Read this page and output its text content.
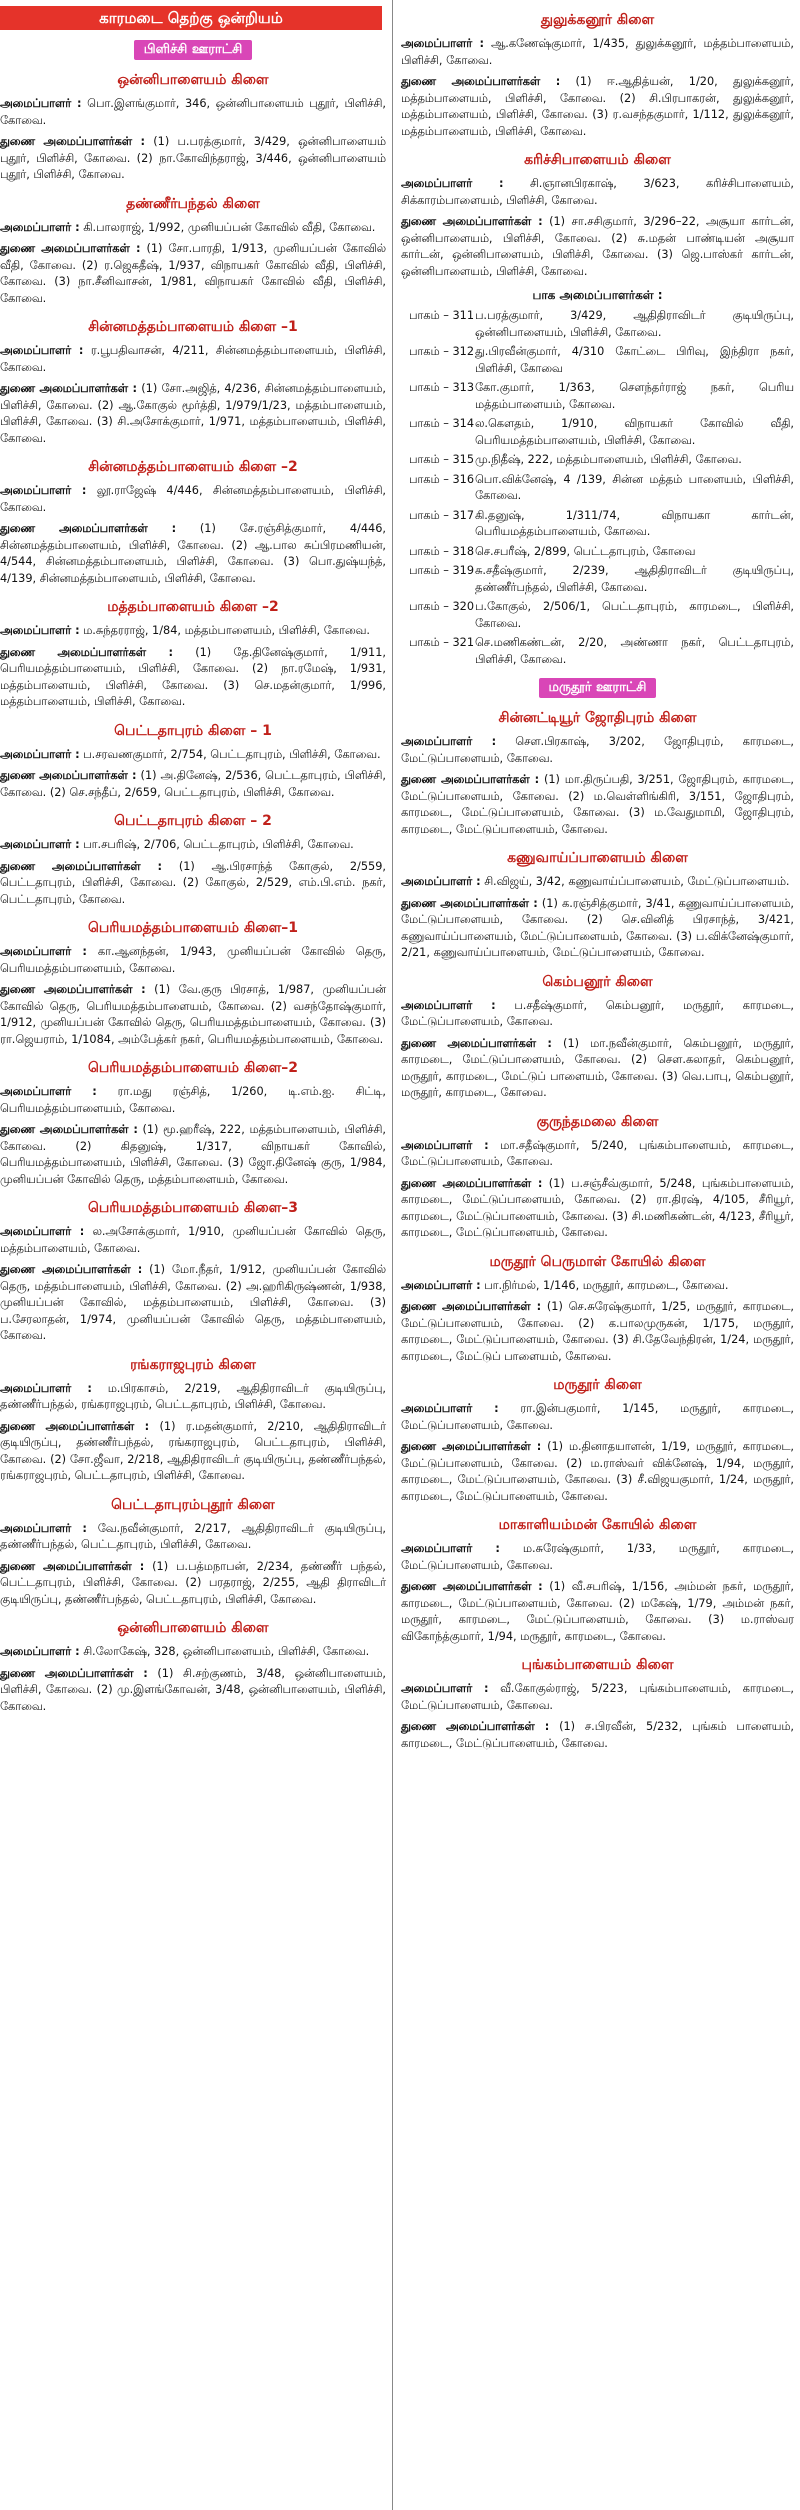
காரமடை தெற்கு ஒன்றியம்
பிளிச்சி ஊராட்சி
ஒன்னிபாளையம் கிளை

அமைப்பாளர் : பொ.இளங்குமார், 346, ஒன்னிபாளையம் புதூர், பிளிச்சி, கோவை.

துணை அமைப்பாளர்கள் : (1) ப.பரத்குமார், 3/429, ஒன்னிபாளையம் புதூர், பிளிச்சி, கோவை. (2) நா.கோவிந்தராஜ், 3/446, ஒன்னிபாளையம் புதூர், பிளிச்சி, கோவை.

தண்ணீர்பந்தல் கிளை

அமைப்பாளர் : கி.பாலராஜ், 1/992, முனியப்பன் கோவில் வீதி, கோவை.

துணை அமைப்பாளர்கள் : (1) சோ.பாரதி, 1/913, முனியப்பன் கோவில் வீதி, கோவை. (2) ர.ஜெகதீஷ், 1/937, விநாயகர் கோவில் வீதி, பிளிச்சி, கோவை. (3) நா.சீனிவாசன், 1/981, விநாயகர் கோவில் வீதி, பிளிச்சி, கோவை.

சின்னமத்தம்பாளையம் கிளை –1

அமைப்பாளர் : ர.பூபதிவாசன், 4/211, சின்னமத்தம்பாளையம், பிளிச்சி, கோவை.

துணை அமைப்பாளர்கள் : (1) சோ.அஜித், 4/236, சின்னமத்தம்பாளையம், பிளிச்சி, கோவை. (2) ஆ.கோகுல் மூர்த்தி, 1/979/1/23, மத்தம்பாளையம், பிளிச்சி, கோவை. (3) சி.அசோக்குமார், 1/971, மத்தம்பாளையம், பிளிச்சி, கோவை.

சின்னமத்தம்பாளையம் கிளை –2

அமைப்பாளர் : லூ.ராஜேஷ் 4/446, சின்னமத்தம்பாளையம், பிளிச்சி, கோவை.

துணை அமைப்பாளர்கள் : (1) சே.ரஞ்சித்குமார், 4/446, சின்னமத்தம்பாளையம், பிளிச்சி, கோவை. (2) ஆ.பால சுப்பிரமணியன், 4/544, சின்னமத்தம்பாளையம், பிளிச்சி, கோவை. (3) பொ.துஷ்யந்த், 4/139, சின்னமத்தம்பாளையம், பிளிச்சி, கோவை.

மத்தம்பாளையம் கிளை –2

அமைப்பாளர் : ம.சுந்தரராஜ், 1/84, மத்தம்பாளையம், பிளிச்சி, கோவை.

துணை அமைப்பாளர்கள் : (1) தே.தினேஷ்குமார், 1/911, பெரியமத்தம்பாளையம், பிளிச்சி, கோவை. (2) நா.ரமேஷ், 1/931, மத்தம்பாளையம், பிளிச்சி, கோவை. (3) செ.மதன்குமார், 1/996, மத்தம்பாளையம், பிளிச்சி, கோவை.

பெட்டதாபுரம் கிளை – 1

அமைப்பாளர் : ப.சரவணகுமார், 2/754, பெட்டதாபுரம், பிளிச்சி, கோவை.

துணை அமைப்பாளர்கள் : (1) அ.தினேஷ், 2/536, பெட்டதாபுரம், பிளிச்சி, கோவை. (2) செ.சந்தீப், 2/659, பெட்டதாபுரம், பிளிச்சி, கோவை.

பெட்டதாபுரம் கிளை – 2

அமைப்பாளர் : பா.சபரிஷ், 2/706, பெட்டதாபுரம், பிளிச்சி, கோவை.

துணை அமைப்பாளர்கள் : (1) ஆ.பிரசாந்த் கோகுல், 2/559, பெட்டதாபுரம், பிளிச்சி, கோவை. (2) கோகுல், 2/529, எம்.பி.எம். நகர், பெட்டதாபுரம், கோவை.

பெரியமத்தம்பாளையம் கிளை–1

அமைப்பாளர் : கா.ஆனந்தன், 1/943, முனியப்பன் கோவில் தெரு, பெரியமத்தம்பாளையம், கோவை.

துணை அமைப்பாளர்கள் : (1) வே.குரு பிரசாத், 1/987, முனியப்பன் கோவில் தெரு, பெரியமத்தம்பாளையம், கோவை. (2) வசந்தோஷ்குமார், 1/912, முனியப்பன் கோவில் தெரு, பெரியமத்தம்பாளையம், கோவை. (3) ரா.ஜெயராம், 1/1084, அம்பேத்கர் நகர், பெரியமத்தம்பாளையம், கோவை.

பெரியமத்தம்பாளையம் கிளை–2

அமைப்பாளர் : ரா.மது ரஞ்சித், 1/260, டி.எம்.ஐ. சிட்டி, பெரியமத்தம்பாளையம், கோவை.

துணை அமைப்பாளர்கள் : (1) மூ.ஹரீஷ், 222, மத்தம்பாளையம், பிளிச்சி, கோவை. (2) கிதனுஷ், 1/317, விநாயகர் கோவில், பெரியமத்தம்பாளையம், பிளிச்சி, கோவை. (3) ஜோ.தினேஷ் குரு, 1/984, முனியப்பன் கோவில் தெரு, மத்தம்பாளையம், கோவை.

பெரியமத்தம்பாளையம் கிளை–3

அமைப்பாளர் : ல.அசோக்குமார், 1/910, முனியப்பன் கோவில் தெரு, மத்தம்பாளையம், கோவை.

துணை அமைப்பாளர்கள் : (1) மோ.நீதர், 1/912, முனியப்பன் கோவில் தெரு, மத்தம்பாளையம், பிளிச்சி, கோவை. (2) அ.ஹரிகிருஷ்ணன், 1/938, முனியப்பன் கோவில், மத்தம்பாளையம், பிளிச்சி, கோவை. (3) ப.சேரலாதன், 1/974, முனியப்பன் கோவில் தெரு, மத்தம்பாளையம், கோவை.

ரங்கராஜபுரம் கிளை

அமைப்பாளர் : ம.பிரகாசம், 2/219, ஆதிதிராவிடர் குடியிருப்பு, தண்ணீர்பந்தல், ரங்கராஜபுரம், பெட்டதாபுரம், பிளிச்சி, கோவை.

துணை அமைப்பாளர்கள் : (1) ர.மதன்குமார், 2/210, ஆதிதிராவிடர் குடியிருப்பு, தண்ணீர்பந்தல், ரங்கராஜபுரம், பெட்டதாபுரம், பிளிச்சி, கோவை. (2) சோ.ஜீவா, 2/218, ஆதிதிராவிடர் குடியிருப்பு, தண்ணீர்பந்தல், ரங்கராஜபுரம், பெட்டதாபுரம், பிளிச்சி, கோவை.

பெட்டதாபுரம்புதூர் கிளை

அமைப்பாளர் : வே.நவீன்குமார், 2/217, ஆதிதிராவிடர் குடியிருப்பு, தண்ணீர்பந்தல், பெட்டதாபுரம், பிளிச்சி, கோவை.

துணை அமைப்பாளர்கள் : (1) ப.பத்மநாபன், 2/234, தண்ணீர் பந்தல், பெட்டதாபுரம், பிளிச்சி, கோவை. (2) பரதராஜ், 2/255, ஆதி திராவிடர் குடியிருப்பு, தண்ணீர்பந்தல், பெட்டதாபுரம், பிளிச்சி, கோவை.

ஒன்னிபாளையம் கிளை

அமைப்பாளர் : சி.லோகேஷ், 328, ஒன்னிபாளையம், பிளிச்சி, கோவை.

துணை அமைப்பாளர்கள் : (1) சி.சற்குணம், 3/48, ஒன்னிபாளையம், பிளிச்சி, கோவை. (2) மு.இளங்கோவன், 3/48, ஒன்னிபாளையம், பிளிச்சி, கோவை.

துலுக்கனூர் கிளை

அமைப்பாளர் : ஆ.கணேஷ்குமார், 1/435, துலுக்கனூர், மத்தம்பாளையம், பிளிச்சி, கோவை.

துணை அமைப்பாளர்கள் : (1) ஈ.ஆதித்யன், 1/20, துலுக்கனூர், மத்தம்பாளையம், பிளிச்சி, கோவை. (2) சி.பிரபாகரன், துலுக்கனூர், மத்தம்பாளையம், பிளிச்சி, கோவை. (3) ர.வசந்தகுமார், 1/112, துலுக்கனூர், மத்தம்பாளையம், பிளிச்சி, கோவை.

கரிச்சிபாளையம் கிளை

அமைப்பாளர் : சி.ஞானபிரகாஷ், 3/623, கரிச்சிபாளையம், சிக்காரம்பாளையம், பிளிச்சி, கோவை.

துணை அமைப்பாளர்கள் : (1) சா.சசிகுமார், 3/296–22, அசூயா கார்டன், ஒன்னிபாளையம், பிளிச்சி, கோவை. (2) சு.மதன் பாண்டியன் அசூயா கார்டன், ஒன்னிபாளையம், பிளிச்சி, கோவை. (3) ஜெ.பாஸ்கர் கார்டன், ஒன்னிபாளையம், பிளிச்சி, கோவை.

பாக அமைப்பாளர்கள் :
பாகம் – 311 ப.பரத்குமார், 3/429, ஆதிதிராவிடர் குடியிருப்பு, ஒன்னிபாளையம், பிளிச்சி, கோவை.
பாகம் – 312 து.பிரவீன்குமார், 4/310 கோட்டை பிரிவு, இந்திரா நகர், பிளிச்சி, கோவை
பாகம் – 313 கோ.குமார், 1/363, செளந்தர்ராஜ் நகர், பெரிய மத்தம்பாளையம், கோவை.
பாகம் – 314 ல.கௌதம், 1/910, விநாயகர் கோவில் வீதி, பெரியமத்தம்பாளையம், பிளிச்சி, கோவை.
பாகம் – 315 மு.நிதீஷ், 222, மத்தம்பாளையம், பிளிச்சி, கோவை.
பாகம் – 316 பொ.விக்னேஷ், 4 /139, சின்ன மத்தம் பாளையம், பிளிச்சி, கோவை.
பாகம் – 317 கி.தனுஷ், 1/311/74, விநாயகா கார்டன், பெரியமத்தம்பாளையம், கோவை.
பாகம் – 318 செ.சபரீஷ், 2/899, பெட்டதாபுரம், கோவை
பாகம் – 319 சு.சதீஷ்குமார், 2/239, ஆதிதிராவிடர் குடியிருப்பு, தண்ணீர்பந்தல், பிளிச்சி, கோவை.
பாகம் – 320 ப.கோகுல், 2/506/1, பெட்டதாபுரம், காரமடை, பிளிச்சி, கோவை.
பாகம் – 321 செ.மணிகண்டன், 2/20, அண்ணா நகர், பெட்டதாபுரம், பிளிச்சி, கோவை.
மருதூர் ஊராட்சி
சின்னட்டியூர் ஜோதிபுரம் கிளை

அமைப்பாளர் : சௌ.பிரகாஷ், 3/202, ஜோதிபுரம், காரமடை, மேட்டுப்பாளையம், கோவை.

துணை அமைப்பாளர்கள் : (1) மா.திருப்பதி, 3/251, ஜோதிபுரம், காரமடை, மேட்டுப்பாளையம், கோவை. (2) ம.வெள்ளிங்கிரி, 3/151, ஜோதிபுரம், காரமடை, மேட்டுப்பாளையம், கோவை. (3) ம.வேதுமாமி, ஜோதிபுரம், காரமடை, மேட்டுப்பாளையம், கோவை.

கணுவாய்ப்பாளையம் கிளை

அமைப்பாளர் : சி.விஜய், 3/42, கணுவாய்ப்பாளையம், மேட்டுப்பாளையம்.

துணை அமைப்பாளர்கள் : (1) க.ரஞ்சித்குமார், 3/41, கணுவாய்ப்பாளையம், மேட்டுப்பாளையம், கோவை. (2) செ.வினித் பிரசாந்த், 3/421, கணுவாய்ப்பாளையம், மேட்டுப்பாளையம், கோவை. (3) ப.விக்னேஷ்குமார், 2/21, கணுவாய்ப்பாளையம், மேட்டுப்பாளையம், கோவை.

கெம்பனூர் கிளை

அமைப்பாளர் : ப.சதீஷ்குமார், கெம்பனூர், மருதூர், காரமடை, மேட்டுப்பாளையம், கோவை.

துணை அமைப்பாளர்கள் : (1) மா.நவீன்குமார், கெம்பனூர், மருதூர், காரமடை, மேட்டுப்பாளையம், கோவை. (2) செள.கலாதர், கெம்பனூர், மருதூர், காரமடை, மேட்டுப் பாளையம், கோவை. (3) வெ.பாபு, கெம்பனூர், மருதூர், காரமடை, கோவை.

குருந்தமலை கிளை

அமைப்பாளர் : மா.சதீஷ்குமார், 5/240, புங்கம்பாளையம், காரமடை, மேட்டுப்பாளையம், கோவை.

துணை அமைப்பாளர்கள் : (1) ப.சஞ்சீவ்குமார், 5/248, புங்கம்பாளையம், காரமடை, மேட்டுப்பாளையம், கோவை. (2) ரா.திரஷ், 4/105, சீரியூர், காரமடை, மேட்டுப்பாளையம், கோவை. (3) சி.மணிகண்டன், 4/123, சீரியூர், காரமடை, மேட்டுப்பாளையம், கோவை.

மருதூர் பெருமாள் கோயில் கிளை

அமைப்பாளர் : பா.நிர்மல், 1/146, மருதூர், காரமடை, கோவை.

துணை அமைப்பாளர்கள் : (1) செ.சுரேஷ்குமார், 1/25, மருதூர், காரமடை, மேட்டுப்பாளையம், கோவை. (2) க.பாலமுருகன், 1/175, மருதூர், காரமடை, மேட்டுப்பாளையம், கோவை. (3) சி.தேவேந்திரன், 1/24, மருதூர், காரமடை, மேட்டுப் பாளையம், கோவை.

மருதூர் கிளை

அமைப்பாளர் : ரா.இன்பகுமார், 1/145, மருதூர், காரமடை, மேட்டுப்பாளையம், கோவை.

துணை அமைப்பாளர்கள் : (1) ம.தினாதயாளன், 1/19, மருதூர், காரமடை, மேட்டுப்பாளையம், கோவை. (2) ம.ராஸ்வர் விக்னேஷ், 1/94, மருதூர், காரமடை, மேட்டுப்பாளையம், கோவை. (3) சீ.விஜயகுமார், 1/24, மருதூர், காரமடை, மேட்டுப்பாளையம், கோவை.

மாகாளியம்மன் கோயில் கிளை

அமைப்பாளர் : ம.சுரேஷ்குமார், 1/33, மருதூர், காரமடை, மேட்டுப்பாளையம், கோவை.

துணை அமைப்பாளர்கள் : (1) வீ.சபரிஷ், 1/156, அம்மன் நகர், மருதூர், காரமடை, மேட்டுப்பாளையம், கோவை. (2) மகேஷ், 1/79, அம்மன் நகர், மருதூர், காரமடை, மேட்டுப்பாளையம், கோவை. (3) ம.ராஸ்வர விகோந்த்குமார், 1/94, மருதூர், காரமடை, கோவை.

புங்கம்பாளையம் கிளை

அமைப்பாளர் : வீ.கோகுல்ராஜ், 5/223, புங்கம்பாளையம், காரமடை, மேட்டுப்பாளையம், கோவை.

துணை அமைப்பாளர்கள் : (1) ச.பிரவீன், 5/232, புங்கம் பாளையம், காரமடை, மேட்டுப்பாளையம், கோவை.
